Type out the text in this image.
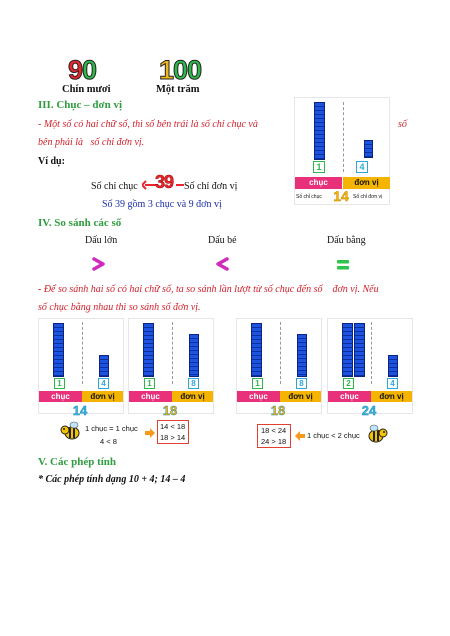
90 100
Chín mươi	Một trăm
III. Chục – đơn vị
- Một số có hai chữ số, thì số bên trái là số chỉ chục và	số
bên phải là   số chỉ đơn vị.
Ví dụ:
Số chỉ chục 39 Số chỉ đơn vị
Số 39 gồm 3 chục và 9 đơn vị
1	4
chục	đơn vị
Số chỉ chục 14 Số chỉ đơn vị
IV. So sánh các số
Dấu lớn	Dấu bé	Dấu bằng
- Để so sánh hai số có hai chữ số, ta so sánh lần lượt từ số chục đến số    đơn vị. Nếu
số chục bằng nhau thì so sánh số đơn vị.
1	4
chục	đơn vị
14
1	8
chục	đơn vị
18
1	8
chục	đơn vị
18
2	4
chục	đơn vị
24
1 chục = 1 chục
4 < 8
14 < 18
18 > 14
18 < 24
24 > 18
1 chục < 2 chục
V. Các phép tính
* Các phép tính dạng 10 + 4; 14 – 4
